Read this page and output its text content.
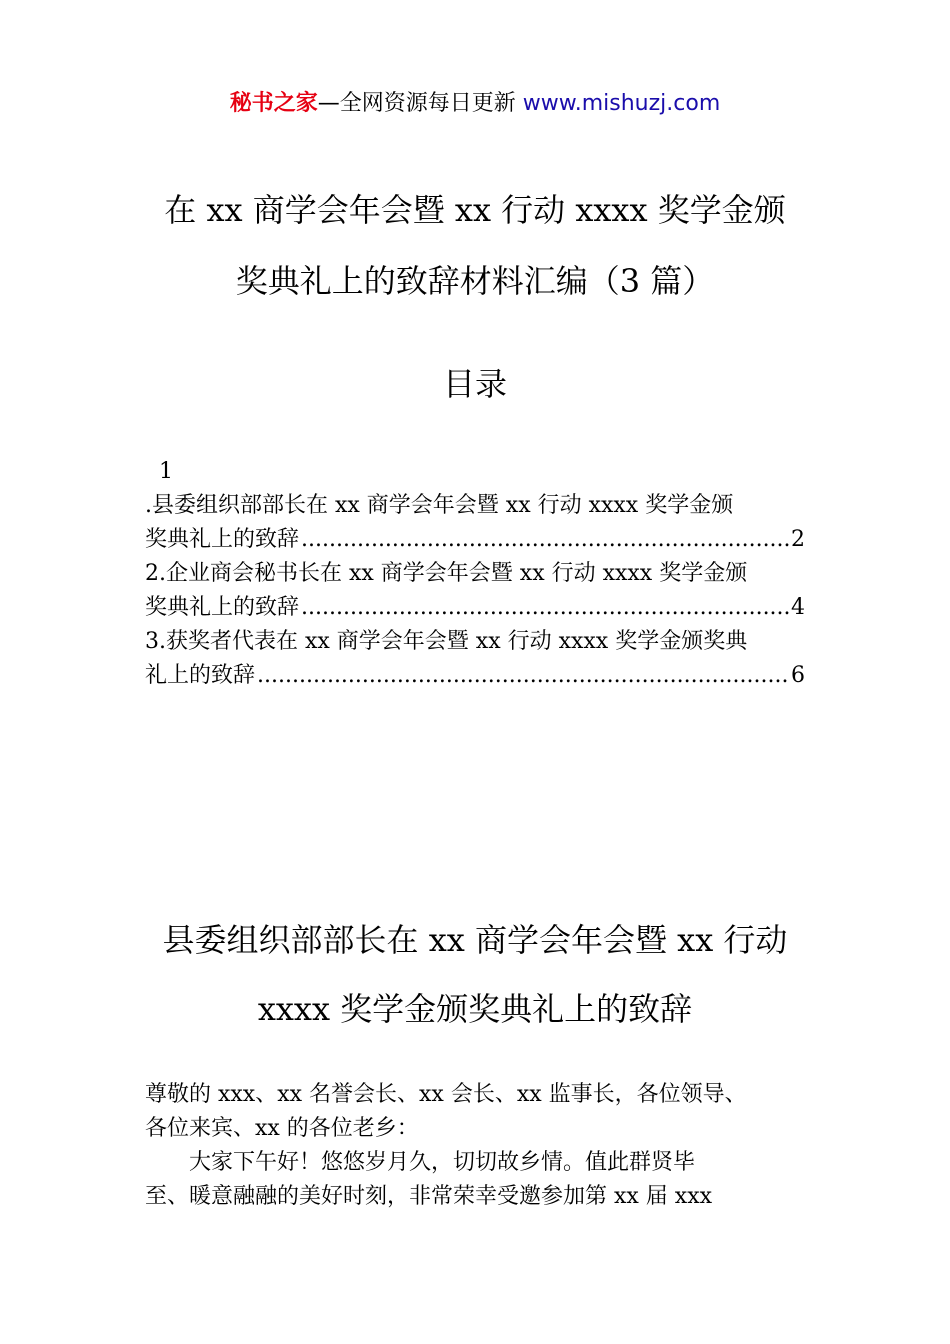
秘书之家—全网资源每日更新 www.mishuzj.com
在 xx 商学会年会暨 xx 行动 xxxx 奖学金颁
奖典礼上的致辞材料汇编（3 篇）
目录
1
.县委组织部部长在 xx 商学会年会暨 xx 行动 xxxx 奖学金颁
奖典礼上的致辞 .....	2
2.企业商会秘书长在 xx 商学会年会暨 xx 行动 xxxx 奖学金颁
奖典礼上的致辞 .....	4
3.获奖者代表在 xx 商学会年会暨 xx 行动 xxxx 奖学金颁奖典
礼上的致辞 .....	6
县委组织部部长在 xx 商学会年会暨 xx 行动
xxxx 奖学金颁奖典礼上的致辞
尊敬的 xxx、xx 名誉会长、xx 会长、xx 监事长，各位领导、
各位来宾、xx 的各位老乡：
大家下午好！悠悠岁月久，切切故乡情。值此群贤毕
至、暖意融融的美好时刻，非常荣幸受邀参加第 xx 届 xxx
